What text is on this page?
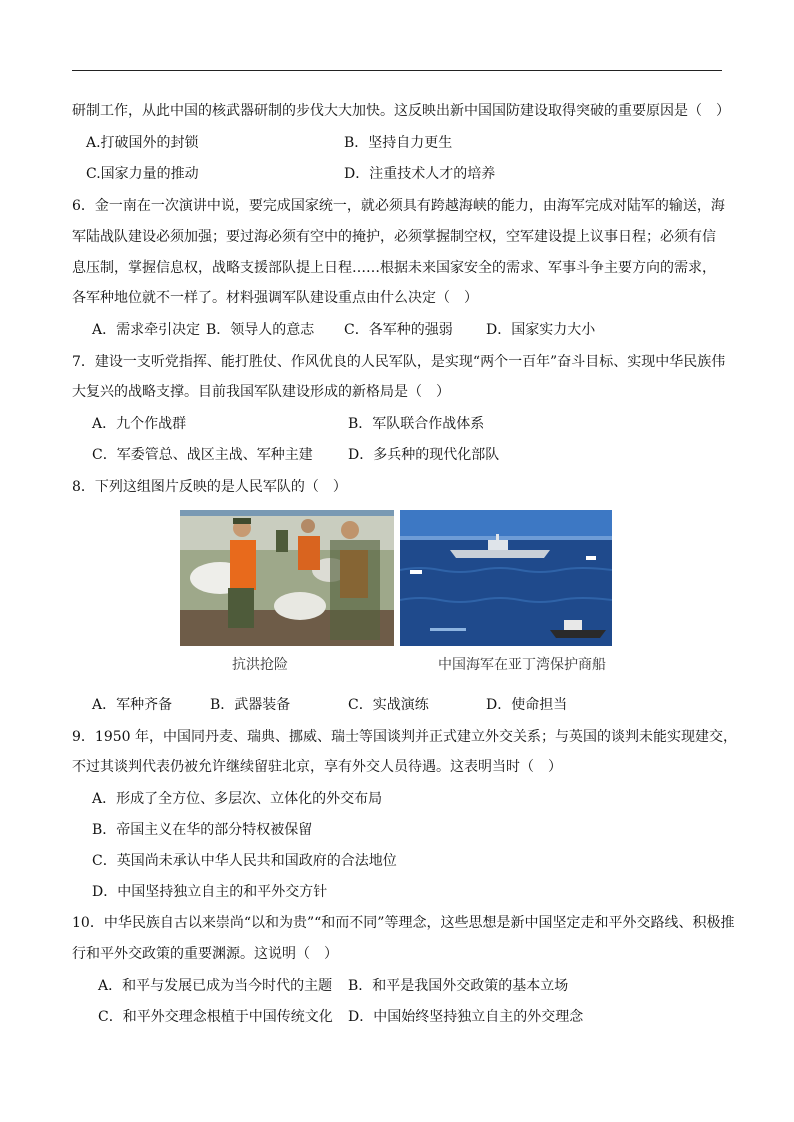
研制工作，从此中国的核武器研制的步伐大大加快。这反映出新中国国防建设取得突破的重要原因是（　）
A.打破国外的封锁	B．坚持自力更生
C.国家力量的推动	D．注重技术人才的培养
6．金一南在一次演讲中说，要完成国家统一，就必须具有跨越海峡的能力，由海军完成对陆军的输送，海
军陆战队建设必须加强；要过海必须有空中的掩护，必须掌握制空权，空军建设提上议事日程；必须有信
息压制，掌握信息权，战略支援部队提上日程……根据未来国家安全的需求、军事斗争主要方向的需求，
各军种地位就不一样了。材料强调军队建设重点由什么决定（　）
A．需求牵引决定 B．领导人的意志 C．各军种的强弱 D．国家实力大小
7．建设一支听党指挥、能打胜仗、作风优良的人民军队，是实现“两个一百年”奋斗目标、实现中华民族伟
大复兴的战略支撑。目前我国军队建设形成的新格局是（　）
A．九个作战群	B．军队联合作战体系
C．军委管总、战区主战、军种主建	D．多兵种的现代化部队
8．下列这组图片反映的是人民军队的（　）
抗洪抢险	中国海军在亚丁湾保护商船
A．军种齐备	B．武器装备	C．实战演练	D．使命担当
9．1950 年，中国同丹麦、瑞典、挪威、瑞士等国谈判并正式建立外交关系；与英国的谈判未能实现建交，
不过其谈判代表仍被允许继续留驻北京，享有外交人员待遇。这表明当时（　）
A．形成了全方位、多层次、立体化的外交布局
B．帝国主义在华的部分特权被保留
C．英国尚未承认中华人民共和国政府的合法地位
D．中国坚持独立自主的和平外交方针
10．中华民族自古以来崇尚“以和为贵”“和而不同”等理念，这些思想是新中国坚定走和平外交路线、积极推
行和平外交政策的重要渊源。这说明（　）
A．和平与发展已成为当今时代的主题 B．和平是我国外交政策的基本立场
C．和平外交理念根植于中国传统文化 D．中国始终坚持独立自主的外交理念
